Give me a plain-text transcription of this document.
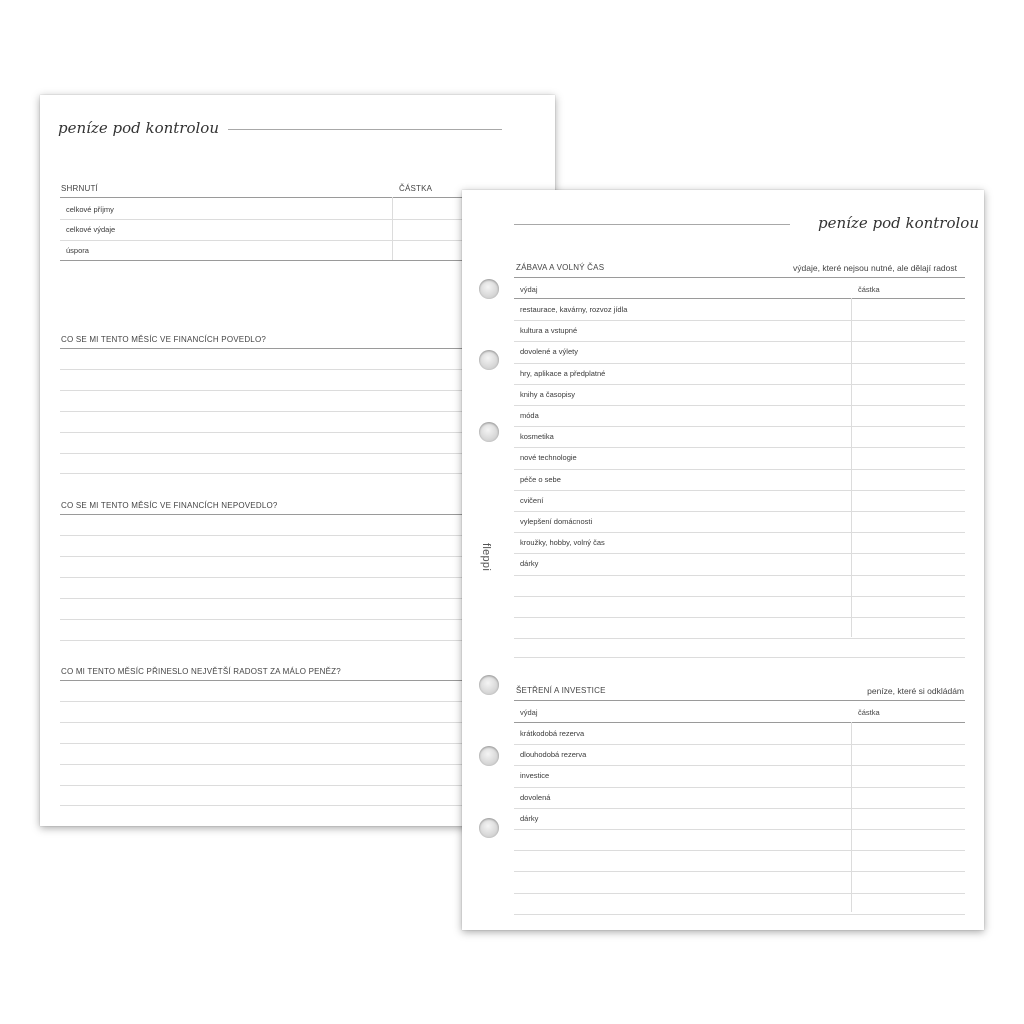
peníze pod kontrolou
SHRNUTÍ	ČÁSTKA
celkové příjmy
celkové výdaje
úspora
CO SE MI TENTO MĚSÍC VE FINANCÍCH POVEDLO?
CO SE MI TENTO MĚSÍC VE FINANCÍCH NEPOVEDLO?
CO MI TENTO MĚSÍC PŘINESLO NEJVĚTŠÍ RADOST ZA MÁLO PENĚZ?
peníze pod kontrolou
fleppi
ZÁBAVA A VOLNÝ ČAS	výdaje, které nejsou nutné, ale dělají radost
výdaj	částka
restaurace, kavárny, rozvoz jídla
kultura a vstupné
dovolené a výlety
hry, aplikace a předplatné
knihy a časopisy
móda
kosmetika
nové technologie
péče o sebe
cvičení
vylepšení domácnosti
kroužky, hobby, volný čas
dárky
ŠETŘENÍ A INVESTICE	peníze, které si odkládám
výdaj	částka
krátkodobá rezerva
dlouhodobá rezerva
investice
dovolená
dárky
